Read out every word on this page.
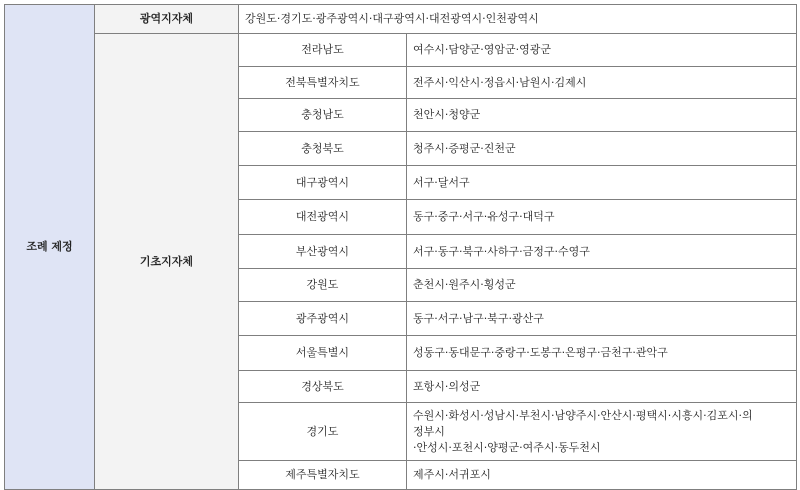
조례 제정	광역지자체	강원도·경기도·광주광역시·대구광역시·대전광역시·인천광역시	
	기초지자체	전라남도	여수시·담양군·영암군·영광군

		전북특별자치도	전주시·익산시·정읍시·남원시·김제시

		충청남도	천안시·청양군

		충청북도	청주시·증평군·진천군

		대구광역시	서구·달서구

		대전광역시	동구·중구·서구·유성구·대덕구

		부산광역시	서구·동구·북구·사하구·금정구·수영구

		강원도	춘천시·원주시·횡성군

		광주광역시	동구·서구·남구·북구·광산구

		서울특별시	성동구·동대문구·중랑구·도봉구·은평구·금천구·관악구

		경상북도	포항시·의성군

		경기도	수원시·화성시·성남시·부천시·남양주시·안산시·평택시·시흥시·김포시·의
정부시
·안성시·포천시·양평군·여주시·동두천시

		제주특별자치도	제주시·서귀포시
